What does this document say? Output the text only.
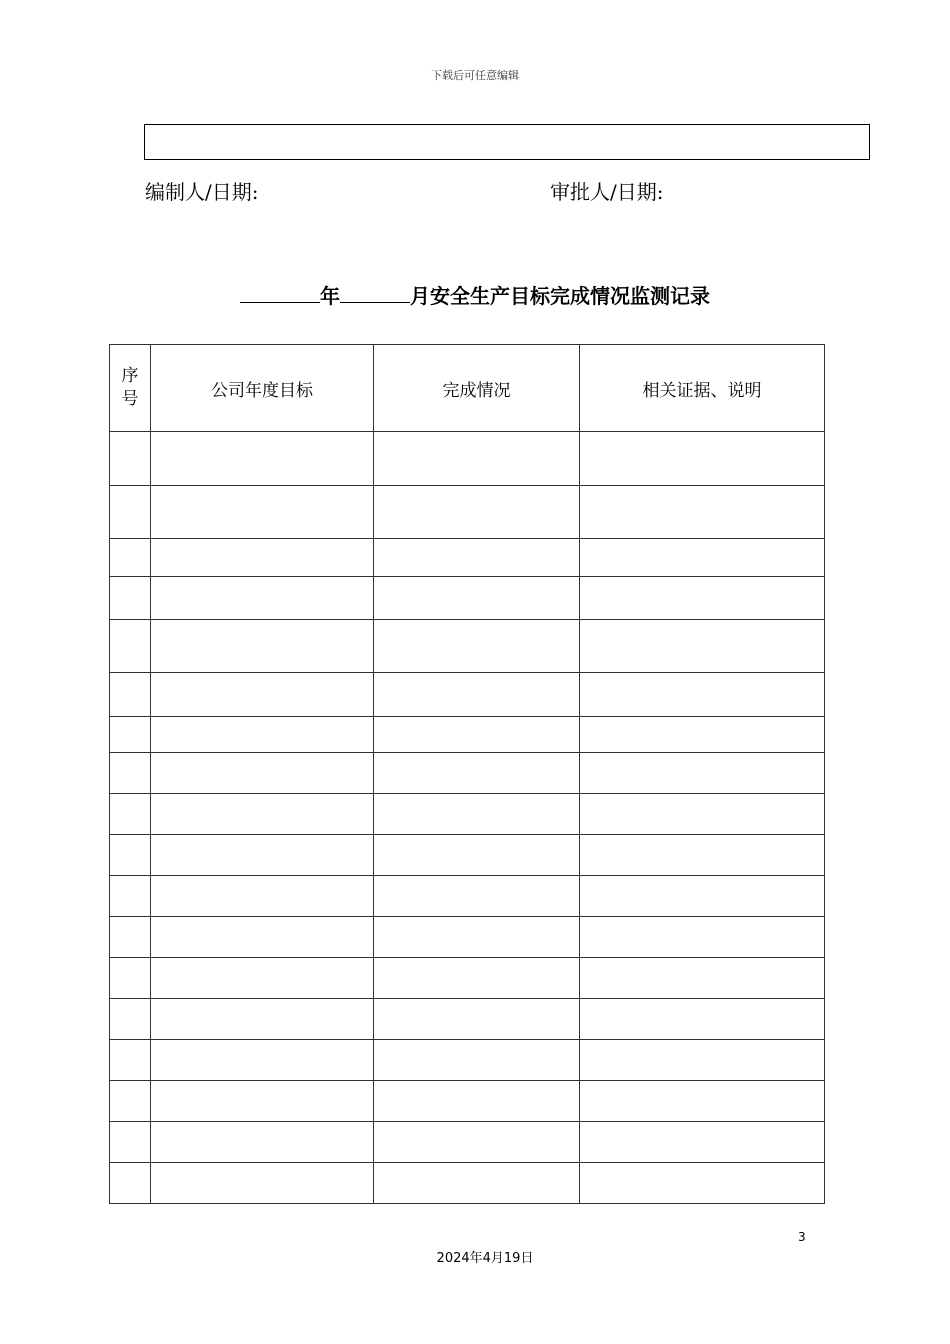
下载后可任意编辑
编制人/日期:	审批人/日期:
年	月安全生产目标完成情况监测记录
序号	公司年度目标	完成情况	相关证据、说明

3
2024年4月19日
